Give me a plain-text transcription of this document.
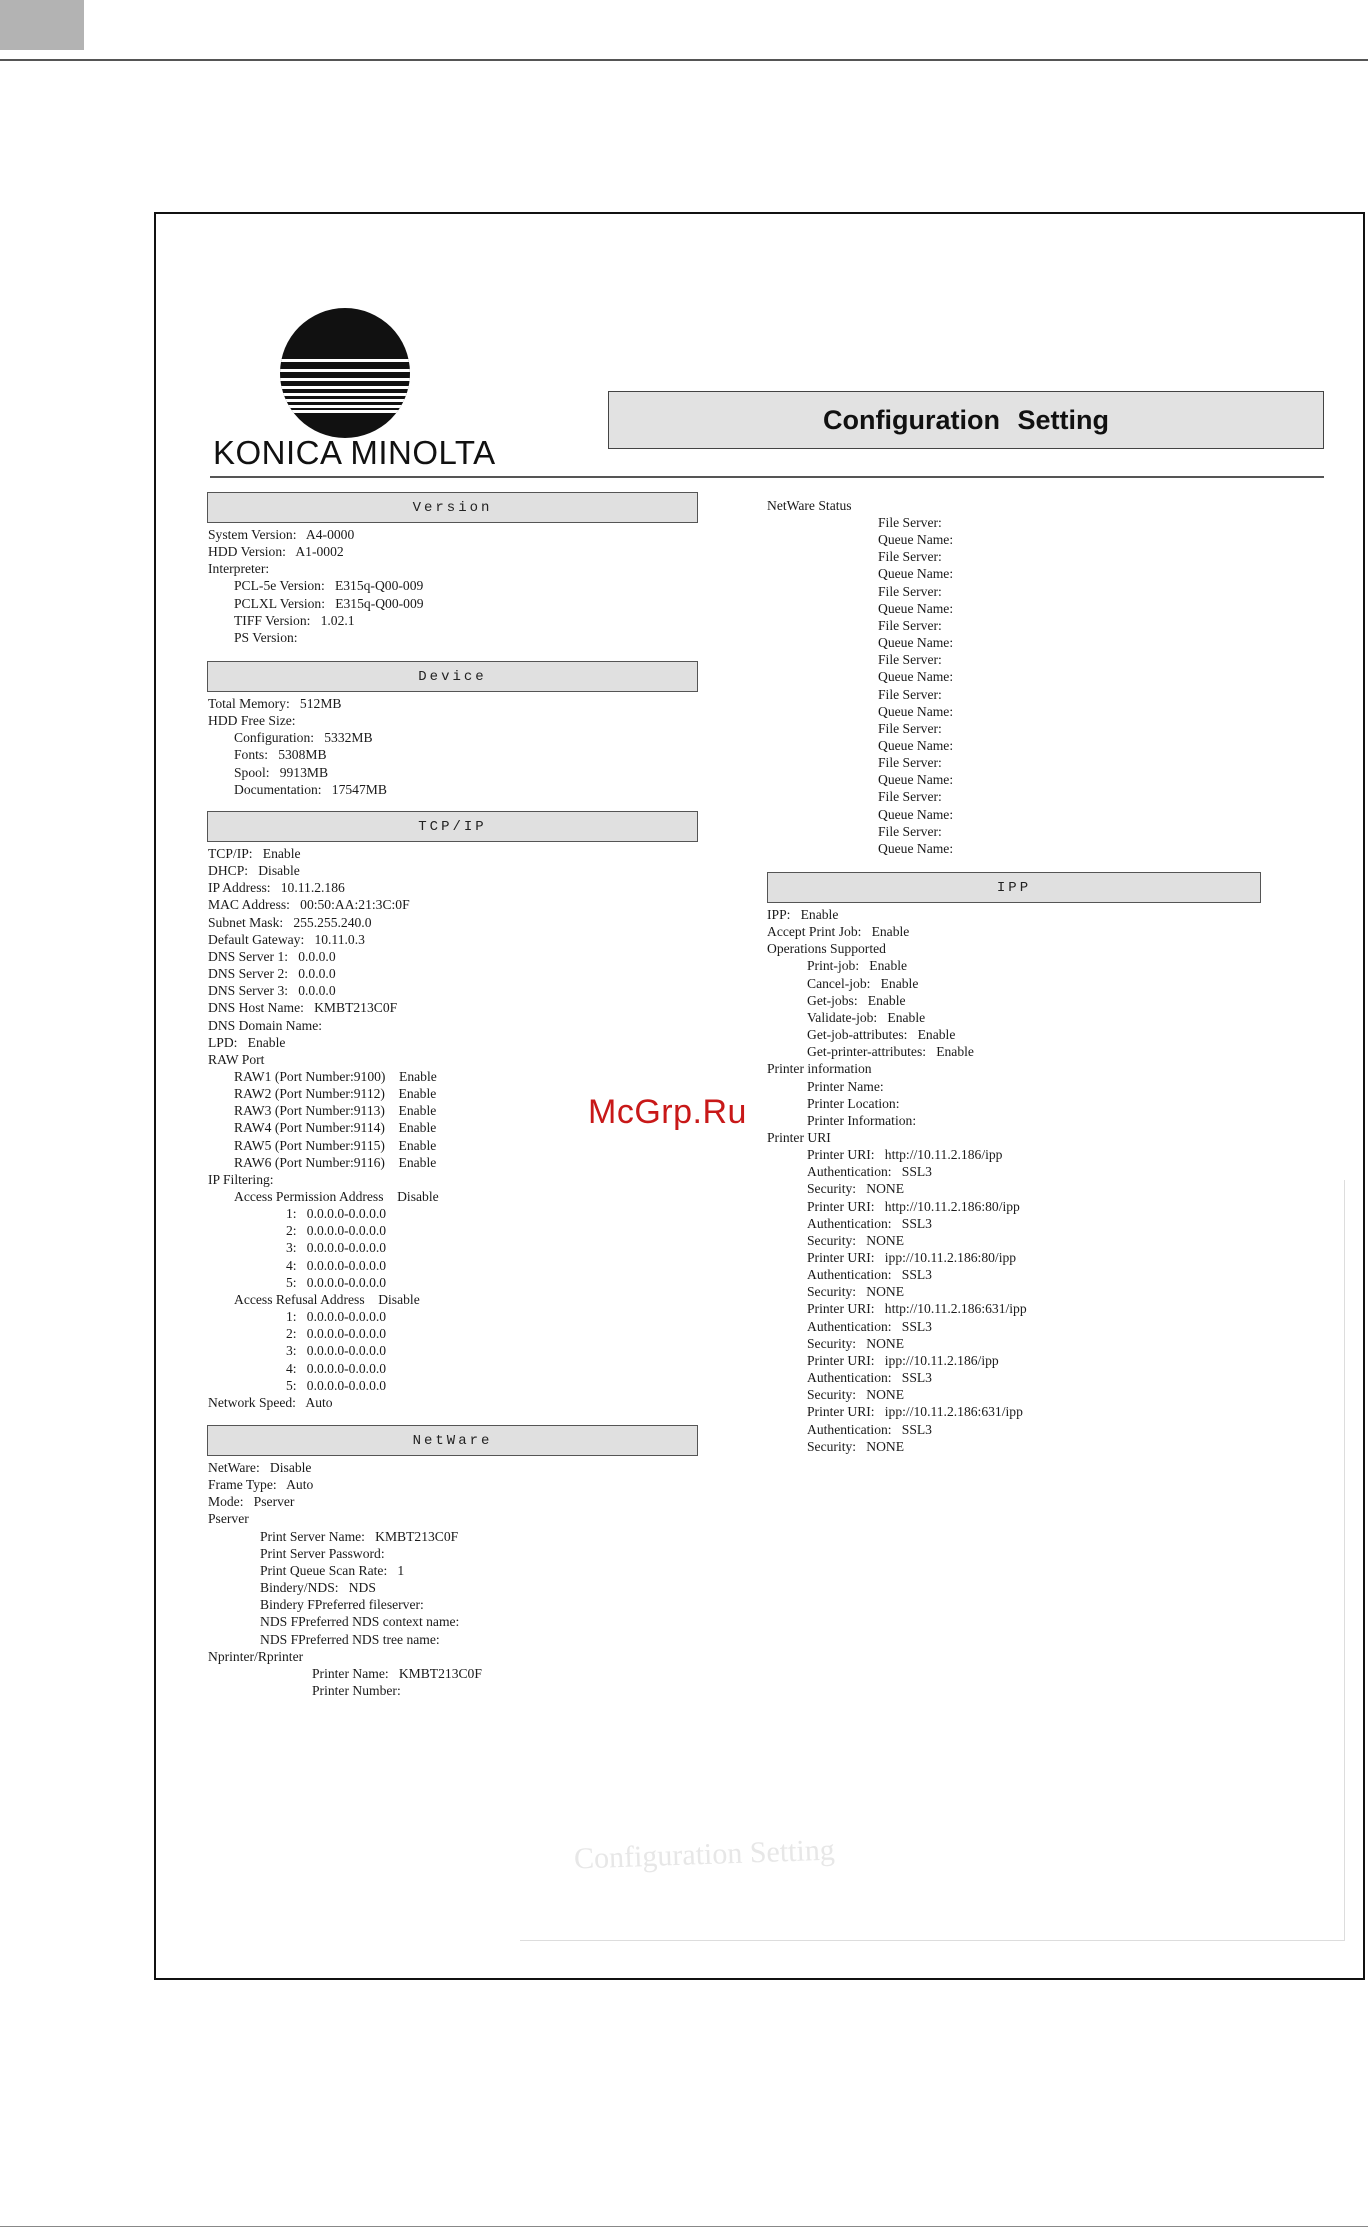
KONICA MINOLTA
Configuration Setting
Version
System Version:   A4-0000
HDD Version:   A1-0002
Interpreter:
PCL-5e Version:   E315q-Q00-009
PCLXL Version:   E315q-Q00-009
TIFF Version:   1.02.1
PS Version:
Device
Total Memory:   512MB
HDD Free Size:
Configuration:   5332MB
Fonts:   5308MB
Spool:   9913MB
Documentation:   17547MB
TCP/IP
TCP/IP:   Enable
DHCP:   Disable
IP Address:   10.11.2.186
MAC Address:   00:50:AA:21:3C:0F
Subnet Mask:   255.255.240.0
Default Gateway:   10.11.0.3
DNS Server 1:   0.0.0.0
DNS Server 2:   0.0.0.0
DNS Server 3:   0.0.0.0
DNS Host Name:   KMBT213C0F
DNS Domain Name:
LPD:   Enable
RAW Port
RAW1 (Port Number:9100)    Enable
RAW2 (Port Number:9112)    Enable
RAW3 (Port Number:9113)    Enable
RAW4 (Port Number:9114)    Enable
RAW5 (Port Number:9115)    Enable
RAW6 (Port Number:9116)    Enable
IP Filtering:
Access Permission Address    Disable
1:   0.0.0.0-0.0.0.0
2:   0.0.0.0-0.0.0.0
3:   0.0.0.0-0.0.0.0
4:   0.0.0.0-0.0.0.0
5:   0.0.0.0-0.0.0.0
Access Refusal Address    Disable
1:   0.0.0.0-0.0.0.0
2:   0.0.0.0-0.0.0.0
3:   0.0.0.0-0.0.0.0
4:   0.0.0.0-0.0.0.0
5:   0.0.0.0-0.0.0.0
Network Speed:   Auto
NetWare
NetWare:   Disable
Frame Type:   Auto
Mode:   Pserver
Pserver
Print Server Name:   KMBT213C0F
Print Server Password:
Print Queue Scan Rate:   1
Bindery/NDS:   NDS
Bindery FPreferred fileserver:
NDS FPreferred NDS context name:
NDS FPreferred NDS tree name:
Nprinter/Rprinter
Printer Name:   KMBT213C0F
Printer Number:
NetWare Status
File Server:
Queue Name:
File Server:
Queue Name:
File Server:
Queue Name:
File Server:
Queue Name:
File Server:
Queue Name:
File Server:
Queue Name:
File Server:
Queue Name:
File Server:
Queue Name:
File Server:
Queue Name:
File Server:
Queue Name:
IPP
IPP:   Enable
Accept Print Job:   Enable
Operations Supported
Print-job:   Enable
Cancel-job:   Enable
Get-jobs:   Enable
Validate-job:   Enable
Get-job-attributes:   Enable
Get-printer-attributes:   Enable
Printer information
Printer Name:
Printer Location:
Printer Information:
Printer URI
Printer URI:   http://10.11.2.186/ipp
Authentication:   SSL3
Security:   NONE
Printer URI:   http://10.11.2.186:80/ipp
Authentication:   SSL3
Security:   NONE
Printer URI:   ipp://10.11.2.186:80/ipp
Authentication:   SSL3
Security:   NONE
Printer URI:   http://10.11.2.186:631/ipp
Authentication:   SSL3
Security:   NONE
Printer URI:   ipp://10.11.2.186/ipp
Authentication:   SSL3
Security:   NONE
Printer URI:   ipp://10.11.2.186:631/ipp
Authentication:   SSL3
Security:   NONE
McGrp.Ru
Configuration Setting
